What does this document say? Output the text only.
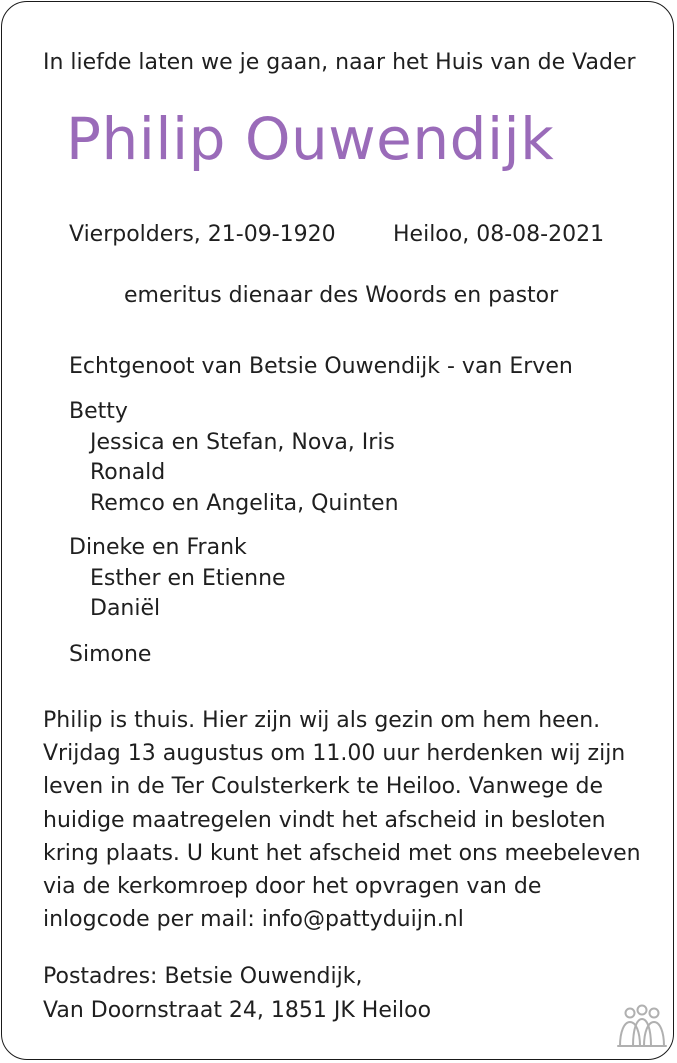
In liefde laten we je gaan, naar het Huis van de Vader

Philip Ouwendijk

Vierpolders, 21-09-1920	Heiloo, 08-08-2021

emeritus dienaar des Woords en pastor

Echtgenoot van Betsie Ouwendijk - van Erven

Betty

Jessica en Stefan, Nova, Iris

Ronald

Remco en Angelita, Quinten

Dineke en Frank

Esther en Etienne

Daniël

Simone

Philip is thuis. Hier zijn wij als gezin om hem heen.

Vrijdag 13 augustus om 11.00 uur herdenken wij zijn

leven in de Ter Coulsterkerk te Heiloo. Vanwege de

huidige maatregelen vindt het afscheid in besloten

kring plaats. U kunt het afscheid met ons meebeleven

via de kerkomroep door het opvragen van de

inlogcode per mail: info@pattyduijn.nl

Postadres: Betsie Ouwendijk,

Van Doornstraat 24, 1851 JK Heiloo
